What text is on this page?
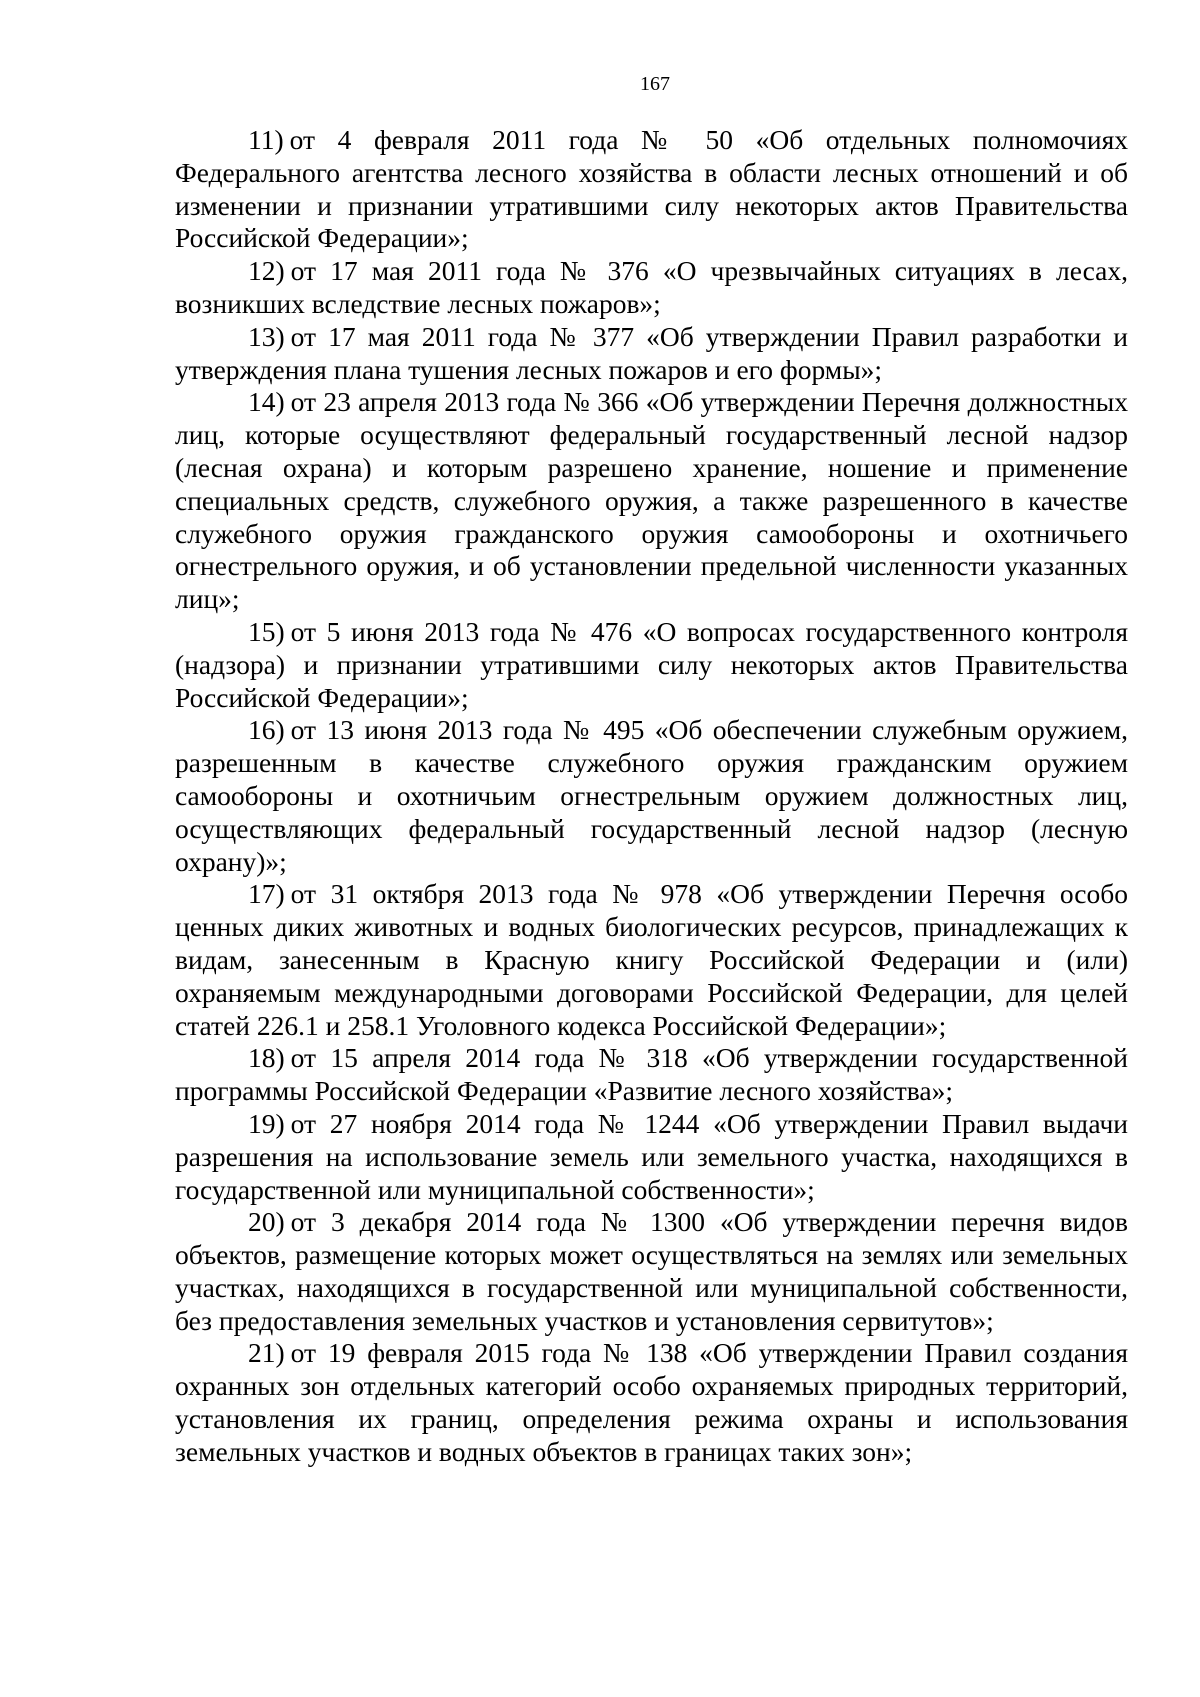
167

11) от 4 февраля 2011 года № 50 «Об отдельных полномочиях Федерального агентства лесного хозяйства в области лесных отношений и об изменении и признании утратившими силу некоторых актов Правительства Российской Федерации»;

12) от 17 мая 2011 года № 376 «О чрезвычайных ситуациях в лесах, возникших вследствие лесных пожаров»;

13) от 17 мая 2011 года № 377 «Об утверждении Правил разработки и утверждения плана тушения лесных пожаров и его формы»;

14) от 23 апреля 2013 года № 366 «Об утверждении Перечня должностных лиц, которые осуществляют федеральный государственный лесной надзор (лесная охрана) и которым разрешено хранение, ношение и применение специальных средств, служебного оружия, а также разрешенного в качестве служебного оружия гражданского оружия самообороны и охотничьего огнестрельного оружия, и об установлении предельной численности указанных лиц»;

15) от 5 июня 2013 года № 476 «О вопросах государственного контроля (надзора) и признании утратившими силу некоторых актов Правительства Российской Федерации»;

16) от 13 июня 2013 года № 495 «Об обеспечении служебным оружием, разрешенным в качестве служебного оружия гражданским оружием самообороны и охотничьим огнестрельным оружием должностных лиц, осуществляющих федеральный государственный лесной надзор (лесную охрану)»;

17) от 31 октября 2013 года № 978 «Об утверждении Перечня особо ценных диких животных и водных биологических ресурсов, принадлежащих к видам, занесенным в Красную книгу Российской Федерации и (или) охраняемым международными договорами Российской Федерации, для целей статей 226.1 и 258.1 Уголовного кодекса Российской Федерации»;

18) от 15 апреля 2014 года № 318 «Об утверждении государственной программы Российской Федерации «Развитие лесного хозяйства»;

19) от 27 ноября 2014 года № 1244 «Об утверждении Правил выдачи разрешения на использование земель или земельного участка, находящихся в государственной или муниципальной собственности»;

20) от 3 декабря 2014 года № 1300 «Об утверждении перечня видов объектов, размещение которых может осуществляться на землях или земельных участках, находящихся в государственной или муниципальной собственности, без предоставления земельных участков и установления сервитутов»;

21) от 19 февраля 2015 года № 138 «Об утверждении Правил создания охранных зон отдельных категорий особо охраняемых природных территорий, установления их границ, определения режима охраны и использования земельных участков и водных объектов в границах таких зон»;
